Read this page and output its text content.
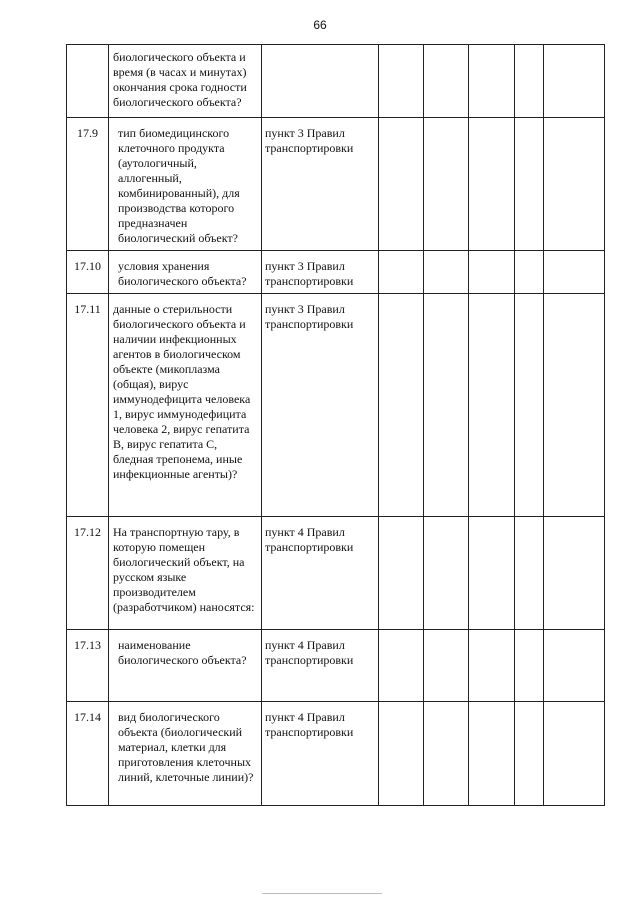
66
	биологического объекта и время (в часах и минутах) окончания срока годности биологического объекта?						
17.9	тип биомедицинского клеточного продукта (аутологичный, аллогенный, комбинированный), для производства которого предназначен биологический объект?	пункт 3 Правил транспортировки					
17.10	условия хранения биологического объекта?	пункт 3 Правил транспортировки					
17.11	данные о стерильности биологического объекта и наличии инфекционных агентов в биологическом объекте (микоплазма (общая), вирус иммунодефицита человека 1, вирус иммунодефицита человека 2, вирус гепатита В, вирус гепатита С, бледная трепонема, иные инфекционные агенты)?	пункт 3 Правил транспортировки					
17.12	На транспортную тару, в которую помещен биологический объект, на русском языке производителем (разработчиком) наносятся:	пункт 4 Правил транспортировки					
17.13	наименование биологического объекта?	пункт 4 Правил транспортировки					
17.14	вид биологического объекта (биологический материал, клетки для приготовления клеточных линий, клеточные линии)?	пункт 4 Правил транспортировки					
